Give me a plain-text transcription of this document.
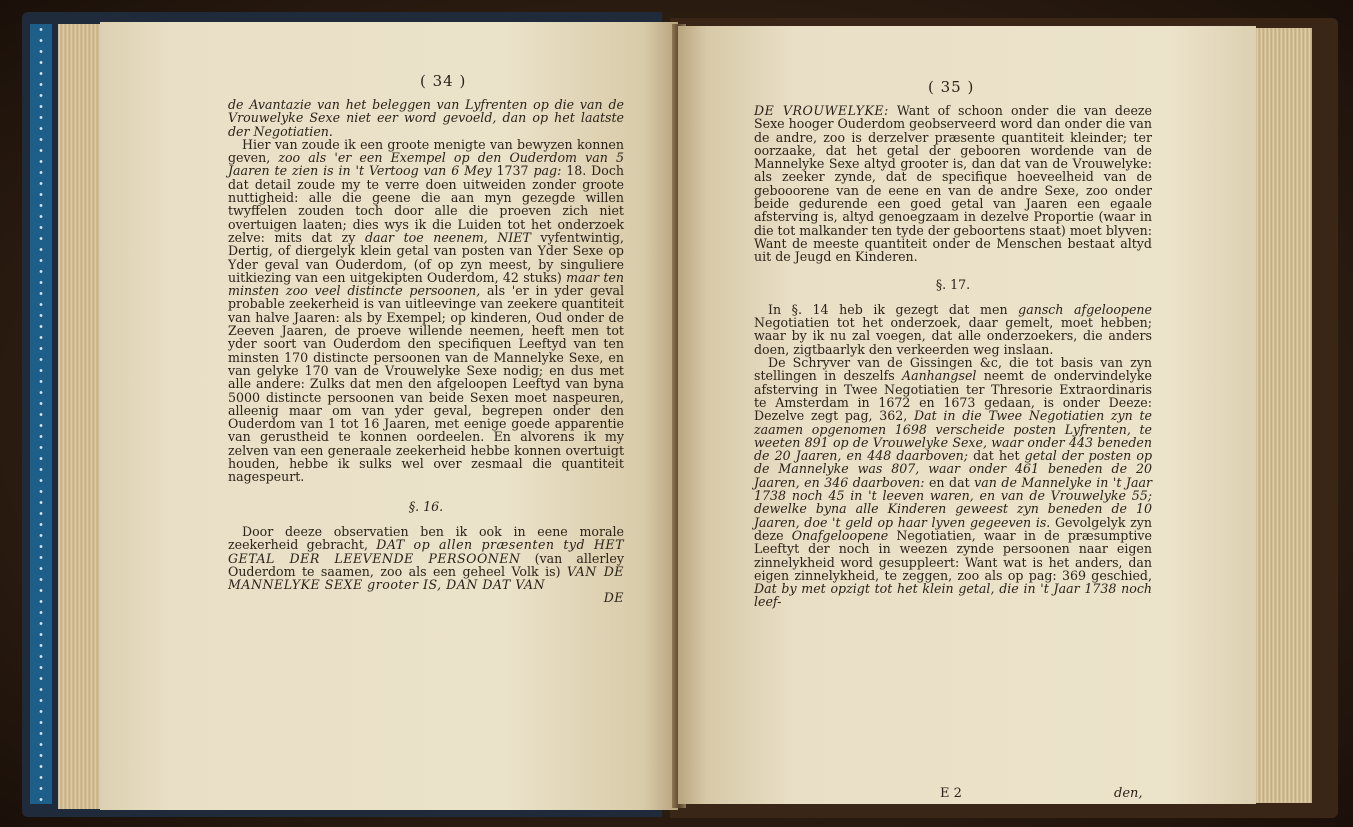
( 34 )

de Avantazie van het beleggen van Lyfrenten op die van de Vrouwelyke Sexe niet eer word gevoeld, dan op het laatste der Negotiatien.

Hier van zoude ik een groote menigte van bewyzen konnen geven, zoo als 'er een Exempel op den Ouderdom van 5 Jaaren te zien is in 't Vertoog van 6 Mey 1737 pag: 18. Doch dat detail zoude my te verre doen uitweiden zonder groote nuttigheid: alle die geene die aan myn gezegde willen twyffelen zouden toch door alle die proeven zich niet overtuigen laaten; dies wys ik die Luiden tot het onderzoek zelve: mits dat zy daar toe neenem, NIET vyfentwintig, Dertig, of diergelyk klein getal van posten van Yder Sexe op Yder geval van Ouderdom, (of op zyn meest, by singuliere uitkiezing van een uitgekipten Ouderdom, 42 stuks) maar ten minsten zoo veel distincte persoonen, als 'er in yder geval probable zeekerheid is van uitleevinge van zeekere quantiteit van halve Jaaren: als by Exempel; op kinderen, Oud onder de Zeeven Jaaren, de proeve willende neemen, heeft men tot yder soort van Ouderdom den specifiquen Leeftyd van ten minsten 170 distincte persoonen van de Mannelyke Sexe, en van gelyke 170 van de Vrouwelyke Sexe nodig; en dus met alle andere: Zulks dat men den afgeloopen Leeftyd van byna 5000 distincte persoonen van beide Sexen moet naspeuren, alleenig maar om van yder geval, begrepen onder den Ouderdom van 1 tot 16 Jaaren, met eenige goede apparentie van gerustheid te konnen oordeelen. En alvorens ik my zelven van een generaale zeekerheid hebbe konnen overtuigt houden, hebbe ik sulks wel over zesmaal die quantiteit nagespeurt.

§. 16.

Door deeze observatien ben ik ook in eene morale zeekerheid gebracht, DAT op allen præsenten tyd HET GETAL DER LEEVENDE PERSOONEN (van allerley Ouderdom te saamen, zoo als een geheel Volk is) VAN DE MANNELYKE SEXE grooter IS, DAN DAT VAN

DE

( 35 )

DE VROUWELYKE: Want of schoon onder die van deeze Sexe hooger Ouderdom geobserveerd word dan onder die van de andre, zoo is derzelver præsente quantiteit kleinder; ter oorzaake, dat het getal der gebooren wordende van de Mannelyke Sexe altyd grooter is, dan dat van de Vrouwelyke: als zeeker zynde, dat de specifique hoeveelheid van de gebooorene van de eene en van de andre Sexe, zoo onder beide gedurende een goed getal van Jaaren een egaale afsterving is, altyd genoegzaam in dezelve Proportie (waar in die tot malkander ten tyde der geboortens staat) moet blyven: Want de meeste quantiteit onder de Menschen bestaat altyd uit de Jeugd en Kinderen.

§. 17.

In §. 14 heb ik gezegt dat men gansch afgeloopene Negotiatien tot het onderzoek, daar gemelt, moet hebben; waar by ik nu zal voegen, dat alle onderzoekers, die anders doen, zigtbaarlyk den verkeerden weg inslaan.

De Schryver van de Gissingen &c, die tot basis van zyn stellingen in deszelfs Aanhangsel neemt de ondervindelyke afsterving in Twee Negotiatien ter Thresorie Extraordinaris te Amsterdam in 1672 en 1673 gedaan, is onder Deeze: Dezelve zegt pag, 362, Dat in die Twee Negotiatien zyn te zaamen opgenomen 1698 verscheide posten Lyfrenten, te weeten 891 op de Vrouwelyke Sexe, waar onder 443 beneden de 20 Jaaren, en 448 daarboven; dat het getal der posten op de Mannelyke was 807, waar onder 461 beneden de 20 Jaaren, en 346 daarboven: en dat van de Mannelyke in 't Jaar 1738 noch 45 in 't leeven waren, en van de Vrouwelyke 55; dewelke byna alle Kinderen geweest zyn beneden de 10 Jaaren, doe 't geld op haar lyven gegeeven is. Gevolgelyk zyn deze Onafgeloopene Negotiatien, waar in de præsumptive Leeftyt der noch in weezen zynde persoonen naar eigen zinnelykheid word gesuppleert: Want wat is het anders, dan eigen zinnelykheid, te zeggen, zoo als op pag: 369 geschied, Dat by met opzigt tot het klein getal, die in 't Jaar 1738 noch leef-

E 2	den,
